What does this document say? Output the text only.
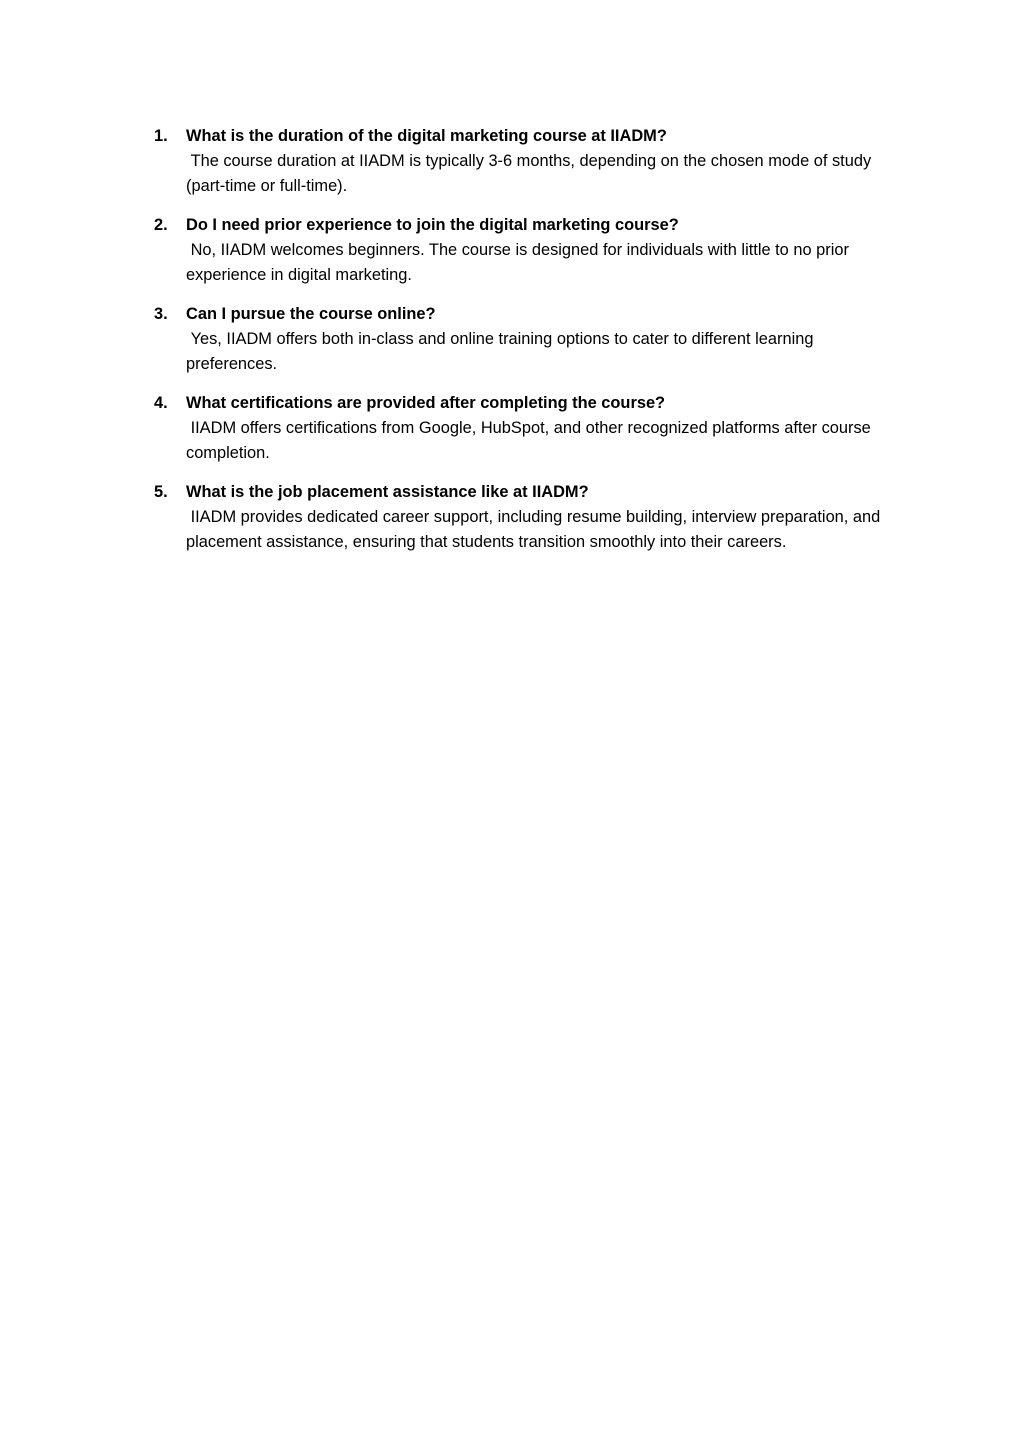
1. What is the duration of the digital marketing course at IIADM?
The course duration at IIADM is typically 3-6 months, depending on the chosen mode of study (part-time or full-time).
2. Do I need prior experience to join the digital marketing course?
No, IIADM welcomes beginners. The course is designed for individuals with little to no prior experience in digital marketing.
3. Can I pursue the course online?
Yes, IIADM offers both in-class and online training options to cater to different learning preferences.
4. What certifications are provided after completing the course?
IIADM offers certifications from Google, HubSpot, and other recognized platforms after course completion.
5. What is the job placement assistance like at IIADM?
IIADM provides dedicated career support, including resume building, interview preparation, and placement assistance, ensuring that students transition smoothly into their careers.
